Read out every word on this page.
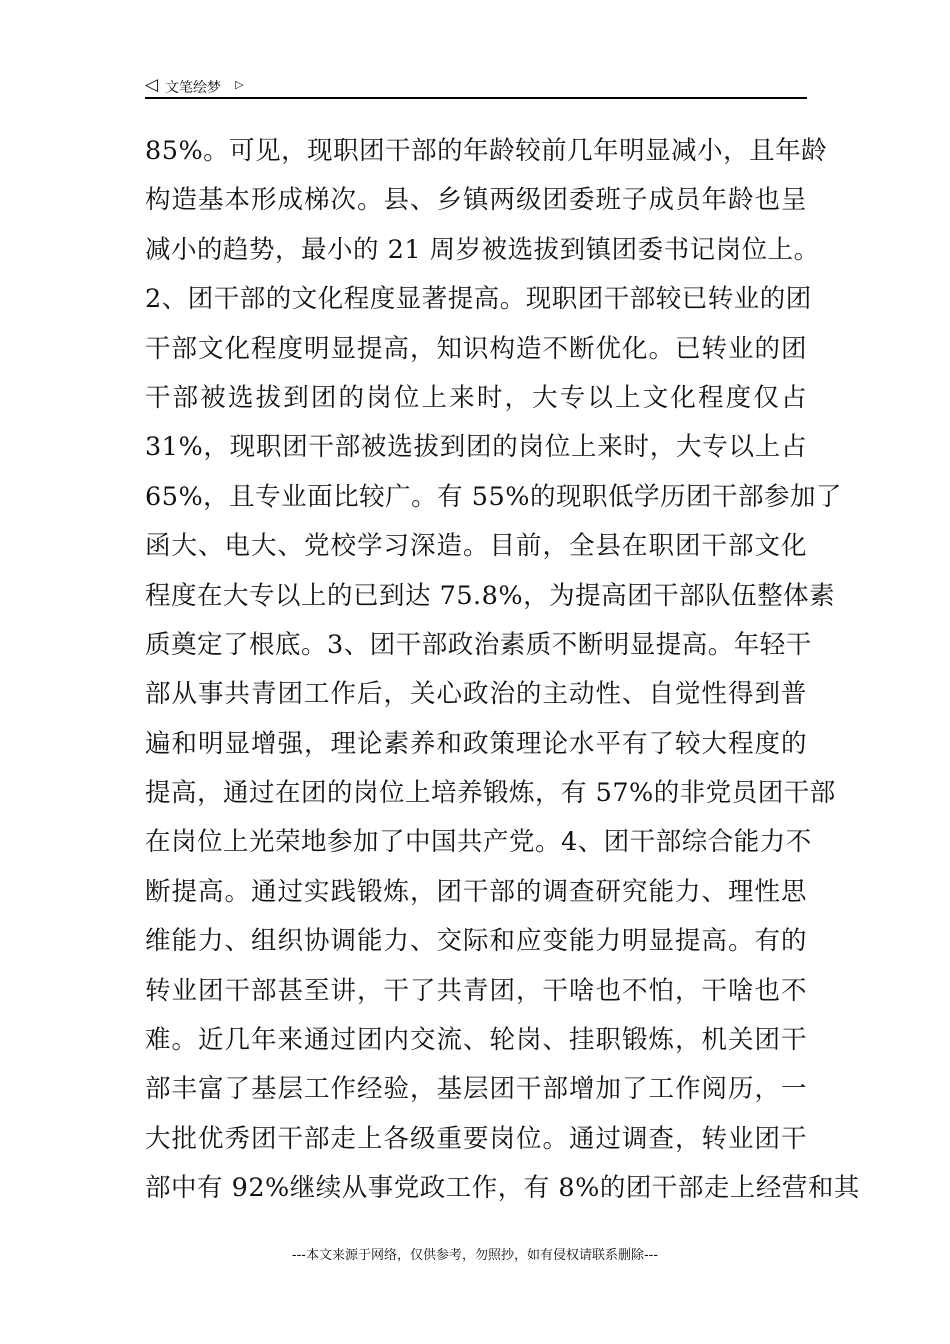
◁ 文笔绘梦 ▷
85%。可见，现职团干部的年龄较前几年明显减小，且年龄
构造基本形成梯次。县、乡镇两级团委班子成员年龄也呈
减小的趋势，最小的 21 周岁被选拔到镇团委书记岗位上。
2、团干部的文化程度显著提高。现职团干部较已转业的团
干部文化程度明显提高，知识构造不断优化。已转业的团
干部被选拔到团的岗位上来时，大专以上文化程度仅占
31%，现职团干部被选拔到团的岗位上来时，大专以上占
65%，且专业面比较广。有 55%的现职低学历团干部参加了
函大、电大、党校学习深造。目前，全县在职团干部文化
程度在大专以上的已到达 75.8%，为提高团干部队伍整体素
质奠定了根底。3、团干部政治素质不断明显提高。年轻干
部从事共青团工作后，关心政治的主动性、自觉性得到普
遍和明显增强，理论素养和政策理论水平有了较大程度的
提高，通过在团的岗位上培养锻炼，有 57%的非党员团干部
在岗位上光荣地参加了中国共产党。4、团干部综合能力不
断提高。通过实践锻炼，团干部的调查研究能力、理性思
维能力、组织协调能力、交际和应变能力明显提高。有的
转业团干部甚至讲，干了共青团，干啥也不怕，干啥也不
难。近几年来通过团内交流、轮岗、挂职锻炼，机关团干
部丰富了基层工作经验，基层团干部增加了工作阅历，一
大批优秀团干部走上各级重要岗位。通过调查，转业团干
部中有 92%继续从事党政工作，有 8%的团干部走上经营和其
---本文来源于网络，仅供参考，勿照抄，如有侵权请联系删除---
